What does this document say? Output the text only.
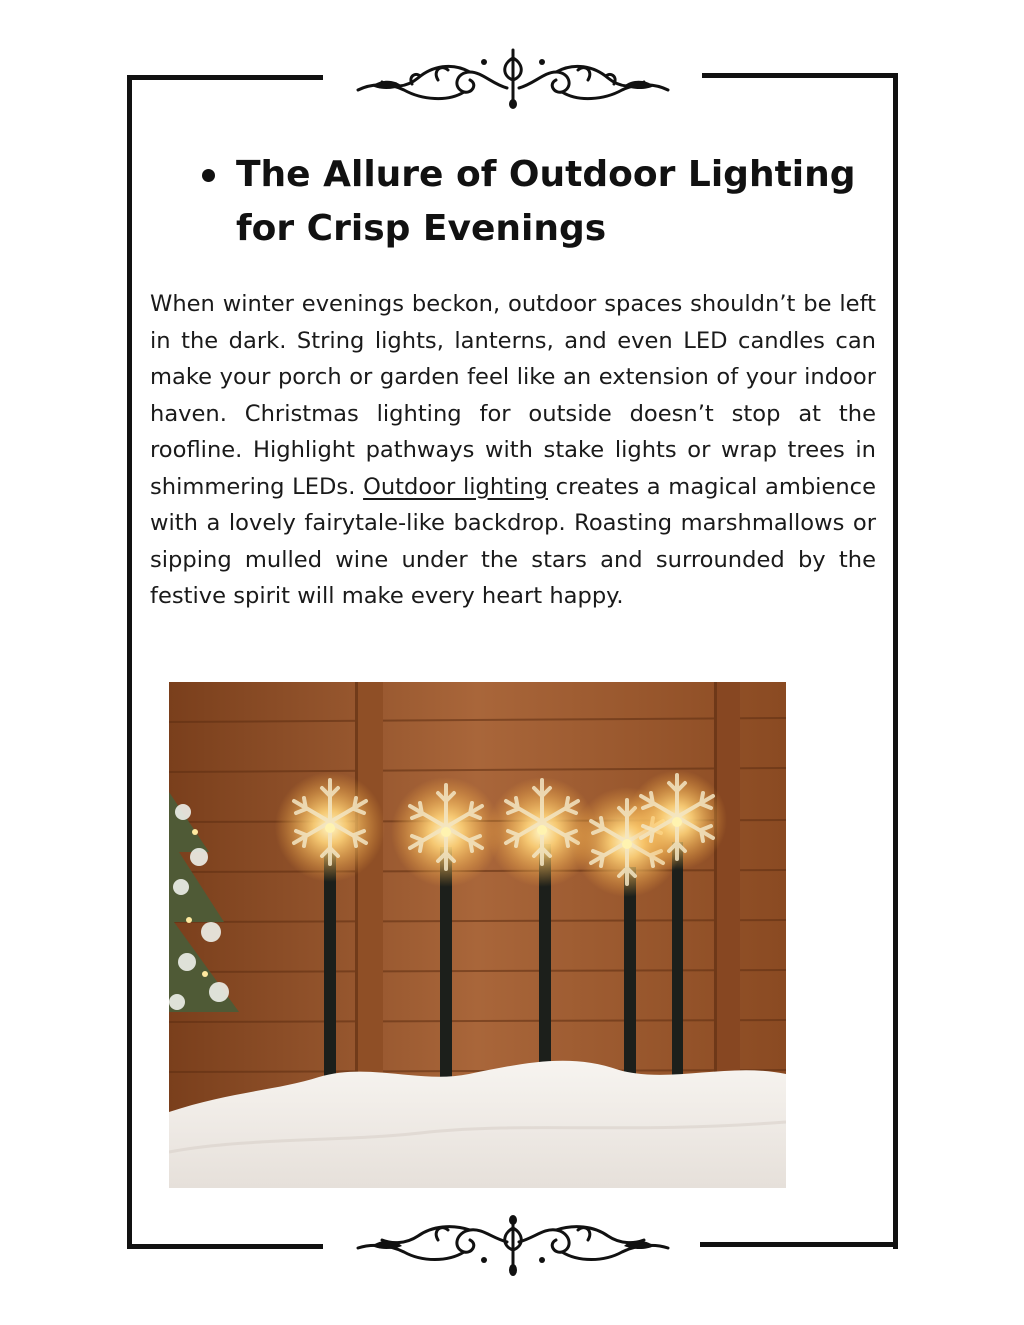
The Allure of Outdoor Lighting for Crisp Evenings

When winter evenings beckon, outdoor spaces shouldn’t be left in the dark. String lights, lanterns, and even LED candles can make your porch or garden feel like an extension of your indoor haven. Christmas lighting for outside doesn’t stop at the roofline. Highlight pathways with stake lights or wrap trees in shimmering LEDs. Outdoor lighting creates a magical ambience with a lovely fairytale-like backdrop. Roasting marshmallows or sipping mulled wine under the stars and surrounded by the festive spirit will make every heart happy.
